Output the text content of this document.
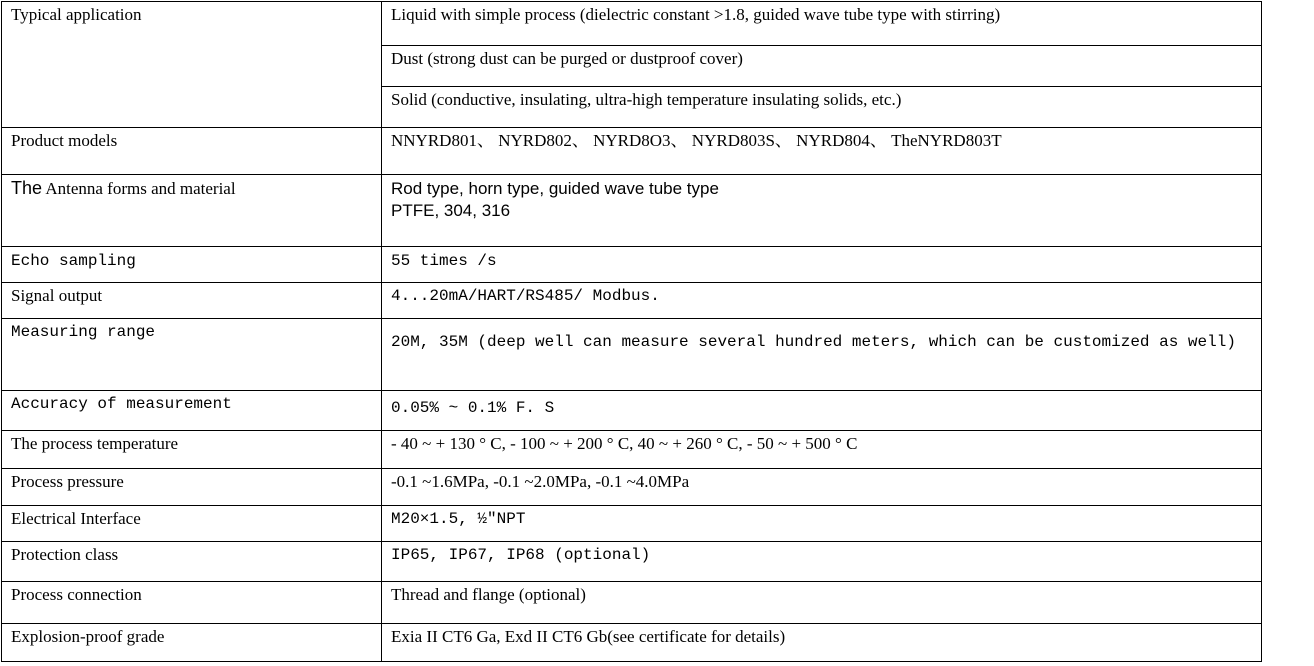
Typical application	Liquid with simple process (dielectric constant >1.8, guided wave tube type with stirring)

	Dust (strong dust can be purged or dustproof cover)

	Solid (conductive, insulating, ultra-high temperature insulating solids, etc.)

Product models	NNYRD801、 NYRD802、 NYRD8O3、 NYRD803S、 NYRD804、 TheNYRD803T

The Antenna forms and material	Rod type, horn type, guided wave tube type
PTFE, 304, 316

Echo sampling	55 times /s

Signal output	4...20mA/HART/RS485/ Modbus.

Measuring range	20M, 35M (deep well can measure several hundred meters, which can be customized as well)

Accuracy of measurement	0.05% ~ 0.1% F. S

The process temperature	- 40 ~ + 130 ° C, - 100 ~ + 200 ° C, 40 ~ + 260 ° C, - 50 ~ + 500 ° C

Process pressure	-0.1 ~1.6MPa, -0.1 ~2.0MPa, -0.1 ~4.0MPa

Electrical Interface	M20×1.5, ½″NPT

Protection class	IP65, IP67, IP68 (optional)

Process connection	Thread and flange (optional)

Explosion-proof grade	Exia II CT6 Ga, Exd II CT6 Gb(see certificate for details)
